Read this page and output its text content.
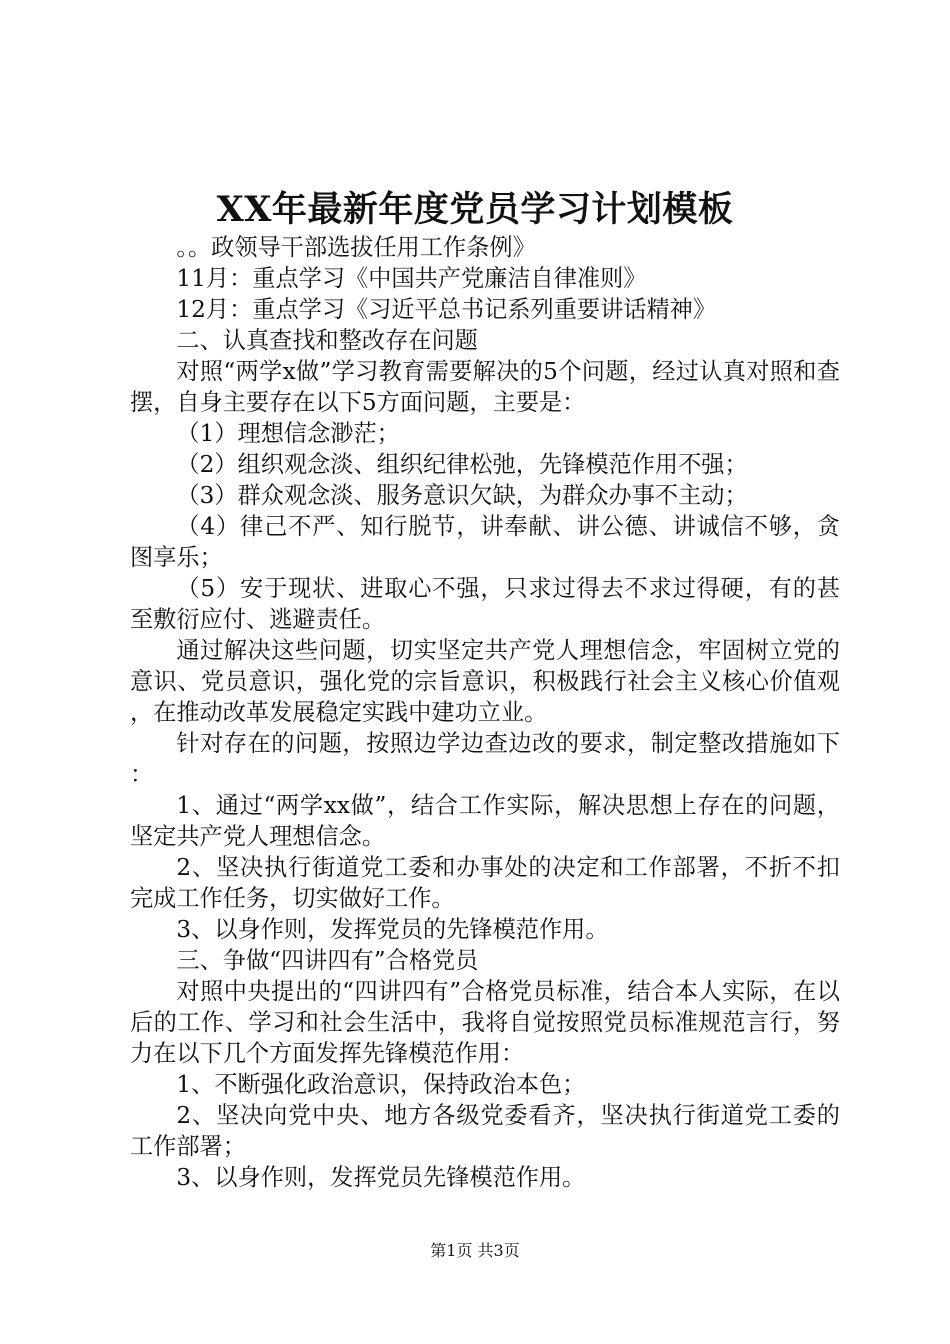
XX年最新年度党员学习计划模板

。。政领导干部选拔任用工作条例》

11月：重点学习《中国共产党廉洁自律准则》

12月：重点学习《习近平总书记系列重要讲话精神》

二、认真查找和整改存在问题

对照“两学x做”学习教育需要解决的5个问题，经过认真对照和查摆，自身主要存在以下5方面问题，主要是：

（1）理想信念渺茫；

（2）组织观念淡、组织纪律松弛，先锋模范作用不强；

（3）群众观念淡、服务意识欠缺，为群众办事不主动；

（4）律己不严、知行脱节，讲奉献、讲公德、讲诚信不够，贪图享乐；

（5）安于现状、进取心不强，只求过得去不求过得硬，有的甚至敷衍应付、逃避责任。

通过解决这些问题，切实坚定共产党人理想信念，牢固树立党的意识、党员意识，强化党的宗旨意识，积极践行社会主义核心价值观，在推动改革发展稳定实践中建功立业。

针对存在的问题，按照边学边查边改的要求，制定整改措施如下：

1、通过“两学xx做”，结合工作实际，解决思想上存在的问题，坚定共产党人理想信念。

2、坚决执行街道党工委和办事处的决定和工作部署，不折不扣完成工作任务，切实做好工作。

3、以身作则，发挥党员的先锋模范作用。

三、争做“四讲四有”合格党员

对照中央提出的“四讲四有”合格党员标准，结合本人实际，在以后的工作、学习和社会生活中，我将自觉按照党员标准规范言行，努力在以下几个方面发挥先锋模范作用：

1、不断强化政治意识，保持政治本色；

2、坚决向党中央、地方各级党委看齐，坚决执行街道党工委的工作部署；

3、以身作则，发挥党员先锋模范作用。

第1页 共3页
